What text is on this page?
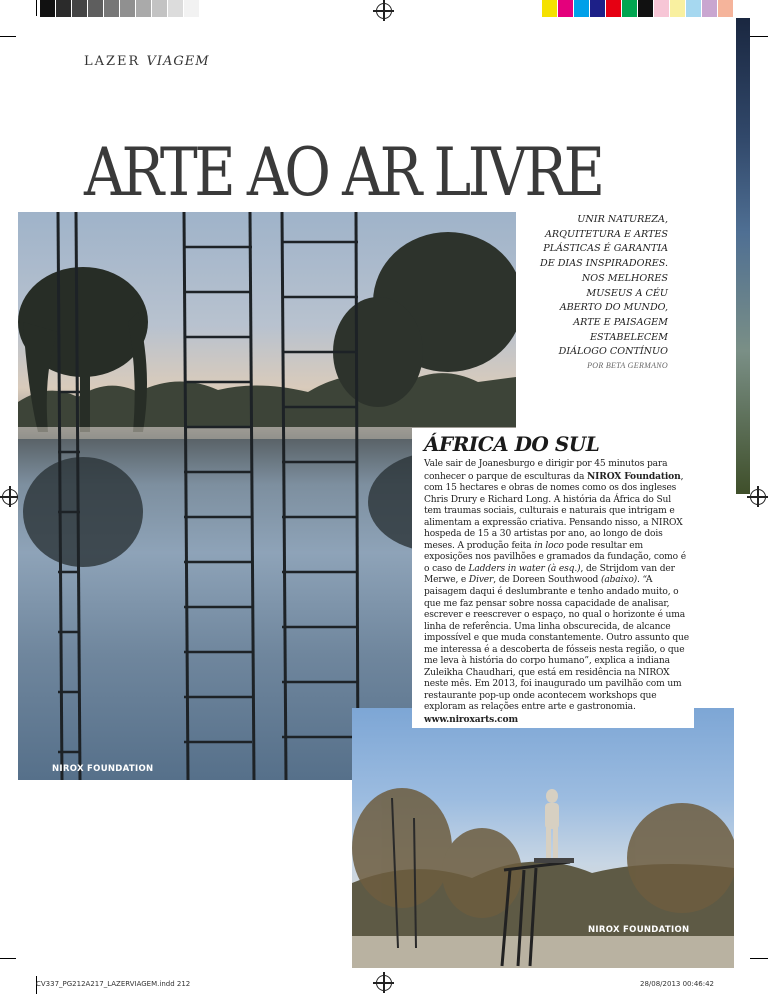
LAZER VIAGEM
NIROX FOUNDATION
ARTE AO AR LIVRE
UNIR NATUREZA,
ARQUITETURA E ARTES
PLÁSTICAS É GARANTIA
DE DIAS INSPIRADORES.
NOS MELHORES
MUSEUS A CÉU
ABERTO DO MUNDO,
ARTE E PAISAGEM
ESTABELECEM
DIÁLOGO CONTÍNUO
POR BETA GERMANO
NIROX FOUNDATION
ÁFRICA DO SUL

Vale sair de Joanesburgo e dirigir por 45 minutos para conhecer o parque de esculturas da NIROX Foundation, com 15 hectares e obras de nomes como os dos ingleses Chris Drury e Richard Long. A história da África do Sul tem traumas sociais, culturais e naturais que intrigam e alimentam a expressão criativa. Pensando nisso, a NIROX hospeda de 15 a 30 artistas por ano, ao longo de dois meses. A produção feita in loco pode resultar em exposições nos pavilhões e gramados da fundação, como é o caso de Ladders in water (à esq.), de Strijdom van der Merwe, e Diver, de Doreen Southwood (abaixo). “A paisagem daqui é deslumbrante e tenho andado muito, o que me faz pensar sobre nossa capacidade de analisar, escrever e reescrever o espaço, no qual o horizonte é uma linha de referência. Uma linha obscurecida, de alcance impossível e que muda constantemente. Outro assunto que me interessa é a descoberta de fósseis nesta região, o que me leva à história do corpo humano”, explica a indiana Zuleikha Chaudhari, que está em residência na NIROX neste mês. Em 2013, foi inaugurado um pavilhão com um restaurante pop-up onde acontecem workshops que exploram as relações entre arte e gastronomia.
www.niroxarts.com

CV337_PG212A217_LAZERVIAGEM.indd 212	28/08/2013 00:46:42
